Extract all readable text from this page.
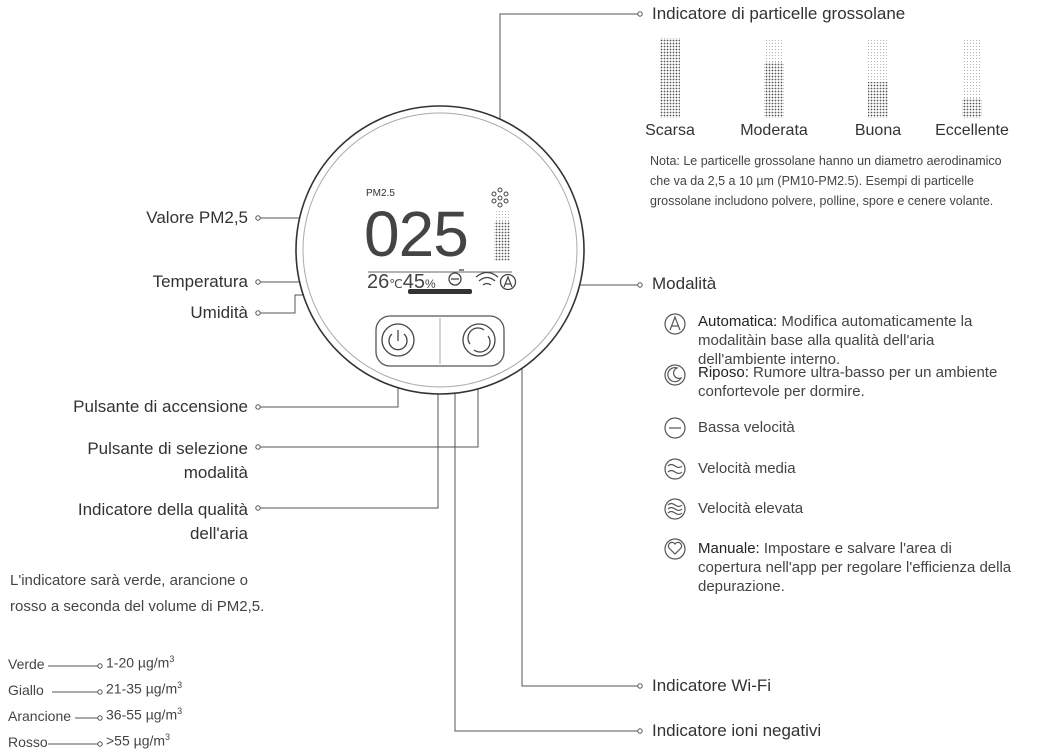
PM2.5
025
26℃45%
Valore PM2,5
Temperatura
Umidità
Pulsante di accensione
Pulsante di selezione
modalità
Indicatore della qualità
dell'aria
L'indicatore sarà verde, arancione o
rosso a seconda del volume di PM2,5.
Verde	1-20 $\mu g/m^3$
Giallo	21-35 $\mu g/m^3$
Arancione 36-55 $\mu g/m^3$
Rosso	>55 $\mu g/m^3$
Indicatore di particelle grossolane
Scarsa	Moderata	Buona	Eccellente
Nota: Le particelle grossolane hanno un diametro aerodinamico che va da 2,5 a 10 µm (PM10-PM2.5). Esempi di particelle grossolane includono polvere, polline, spore e cenere volante.
Modalità
Automatica: Modifica automaticamente la modalitàin base alla qualità dell'aria dell'ambiente interno.
Riposo: Rumore ultra-basso per un ambiente confortevole per dormire.
Bassa velocità
Velocità media
Velocità elevata
Manuale: Impostare e salvare l'area di copertura nell'app per regolare l'efficienza della depurazione.
Indicatore Wi-Fi
Indicatore ioni negativi
